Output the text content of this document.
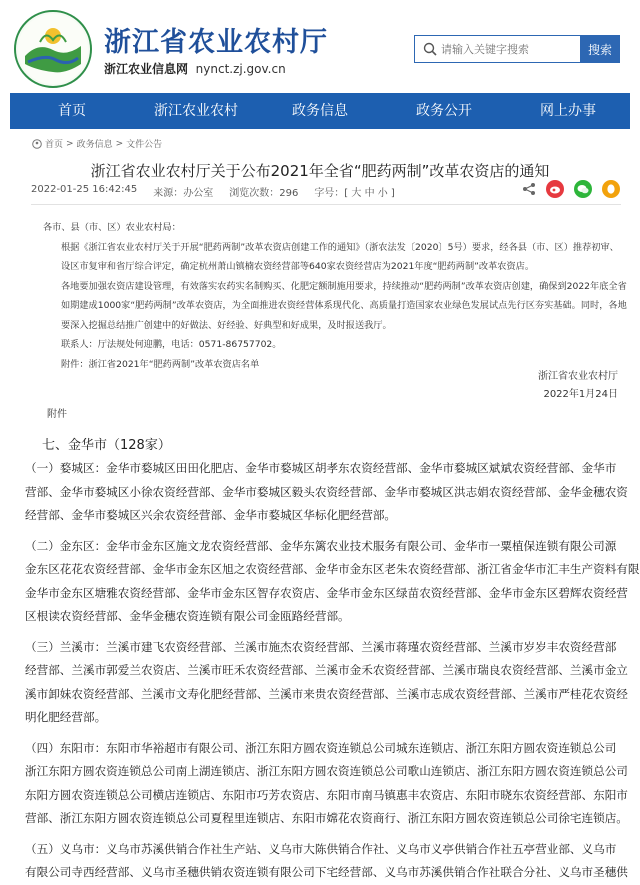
浙江省农业农村厅
浙江农业信息网 nynct.zj.gov.cn
请输入关键字搜索
搜索
首页	浙江农业农村	政务信息	政务公开	网上办事
首页 > 政务信息 > 文件公告
浙江省农业农村厅关于公布2021年全省“肥药两制”改革农资店的通知
2022-01-25 16:42:45 来源：办公室 浏览次数：296 字号：[ 大 中 小 ]

各市、县（市、区）农业农村局：

根据《浙江省农业农村厅关于开展“肥药两制”改革农资店创建工作的通知》（浙农法发〔2020〕5号）要求，经各县（市、区）推荐初审、设区市复审和省厅综合评定，确定杭州萧山镇楠农资经营部等640家农资经营店为2021年度“肥药两制”改革农资店。

各地要加强农资店建设管理，有效落实农药实名制购买、化肥定额制施用要求，持续推动“肥药两制”改革农资店创建，确保到2022年底全省如期建成1000家“肥药两制”改革农资店，为全面推进农资经营体系现代化、高质量打造国家农业绿色发展试点先行区夯实基础。同时，各地要深入挖掘总结推广创建中的好做法、好经验、好典型和好成果，及时报送我厅。

联系人：厅法规处何迎鹏，电话：0571-86757702。

附件：浙江省2021年“肥药两制”改革农资店名单

浙江省农业农村厅
2022年1月24日
附件
七、金华市（128家）

（一）婺城区：金华市婺城区田田化肥店、金华市婺城区胡孝东农资经营部、金华市婺城区斌斌农资经营部、金华市

营部、金华市婺城区小徐农资经营部、金华市婺城区毅头农资经营部、金华市婺城区洪志娟农资经营部、金华金穗农资

经营部、金华市婺城区兴余农资经营部、金华市婺城区华标化肥经营部。

（二）金东区：金华市金东区施文龙农资经营部、金华东篱农业技术服务有限公司、金华市一粟植保连锁有限公司源

金东区花花农资经营部、金华市金东区旭之农资经营部、金华市金东区老朱农资经营部、浙江省金华市汇丰生产资料有限

金华市金东区塘雅农资经营部、金华市金东区智存农资店、金华市金东区绿苗农资经营部、金华市金东区碧辉农资经营

区根读农资经营部、金华金穗农资连锁有限公司金瓯路经营部。

（三）兰溪市：兰溪市建飞农资经营部、兰溪市施杰农资经营部、兰溪市蒋瑾农资经营部、兰溪市岁岁丰农资经营部

经营部、兰溪市郭爱兰农资店、兰溪市旺禾农资经营部、兰溪市金禾农资经营部、兰溪市瑞良农资经营部、兰溪市金立

溪市卸妹农资经营部、兰溪市文寿化肥经营部、兰溪市来贵农资经营部、兰溪市志成农资经营部、兰溪市严桂花农资经

明化肥经营部。

（四）东阳市：东阳市华裕超市有限公司、浙江东阳方圆农资连锁总公司城东连锁店、浙江东阳方圆农资连锁总公司

浙江东阳方圆农资连锁总公司南上湖连锁店、浙江东阳方圆农资连锁总公司歌山连锁店、浙江东阳方圆农资连锁总公司

东阳方圆农资连锁总公司横店连锁店、东阳市巧芳农资店、东阳市南马镇惠丰农资店、东阳市晓东农资经营部、东阳市

营部、浙江东阳方圆农资连锁总公司夏程里连锁店、东阳市嫦花农资商行、浙江东阳方圆农资连锁总公司徐宅连锁店。

（五）义乌市：义乌市苏溪供销合作社生产站、义乌市大陈供销合作社、义乌市义亭供销合作社五亭营业部、义乌市

有限公司寺西经营部、义乌市圣穗供销农资连锁有限公司下宅经营部、义乌市苏溪供销合作社联合分社、义乌市圣穗供
